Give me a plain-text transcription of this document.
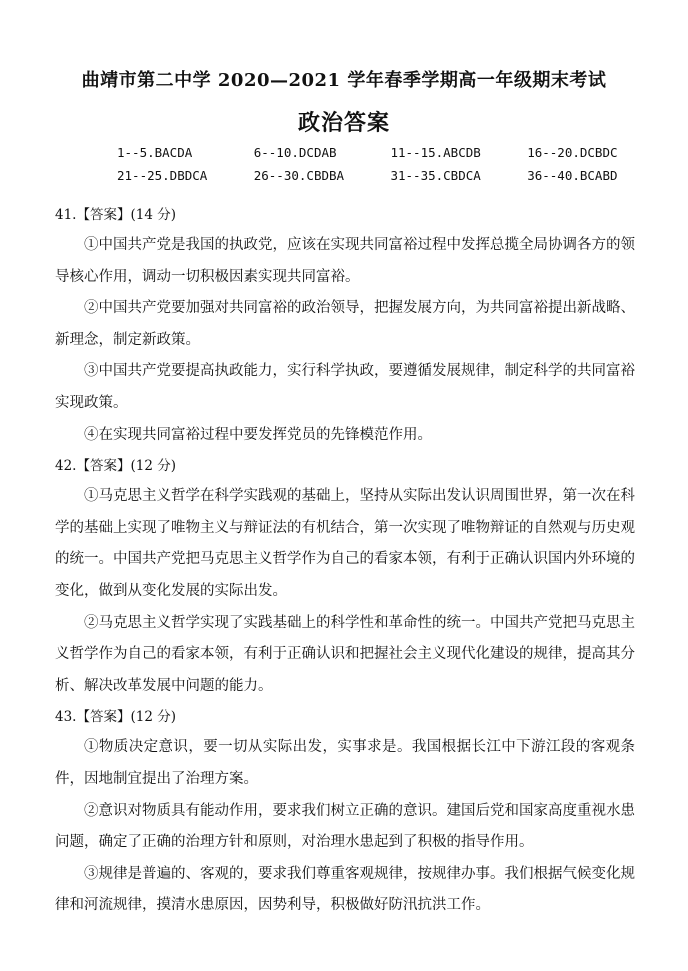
曲靖市第二中学 2020—2021 学年春季学期高一年级期末考试
政治答案
1--5.BACDA	6--10.DCDAB	11--15.ABCDB	16--20.DCBDC
21--25.DBDCA	26--30.CBDBA	31--35.CBDCA	36--40.BCABD
41.【答案】(14 分)

①中国共产党是我国的执政党，应该在实现共同富裕过程中发挥总揽全局协调各方的领导核心作用，调动一切积极因素实现共同富裕。

②中国共产党要加强对共同富裕的政治领导，把握发展方向，为共同富裕提出新战略、新理念，制定新政策。

③中国共产党要提高执政能力，实行科学执政，要遵循发展规律，制定科学的共同富裕实现政策。

④在实现共同富裕过程中要发挥党员的先锋模范作用。

42.【答案】(12 分)

①马克思主义哲学在科学实践观的基础上，坚持从实际出发认识周围世界，第一次在科学的基础上实现了唯物主义与辩证法的有机结合，第一次实现了唯物辩证的自然观与历史观的统一。中国共产党把马克思主义哲学作为自己的看家本领，有利于正确认识国内外环境的变化，做到从变化发展的实际出发。

②马克思主义哲学实现了实践基础上的科学性和革命性的统一。中国共产党把马克思主义哲学作为自己的看家本领，有利于正确认识和把握社会主义现代化建设的规律，提高其分析、解决改革发展中问题的能力。

43.【答案】(12 分)

①物质决定意识，要一切从实际出发，实事求是。我国根据长江中下游江段的客观条件，因地制宜提出了治理方案。

②意识对物质具有能动作用，要求我们树立正确的意识。建国后党和国家高度重视水患问题，确定了正确的治理方针和原则，对治理水患起到了积极的指导作用。

③规律是普遍的、客观的，要求我们尊重客观规律，按规律办事。我们根据气候变化规律和河流规律，摸清水患原因，因势利导，积极做好防汛抗洪工作。
